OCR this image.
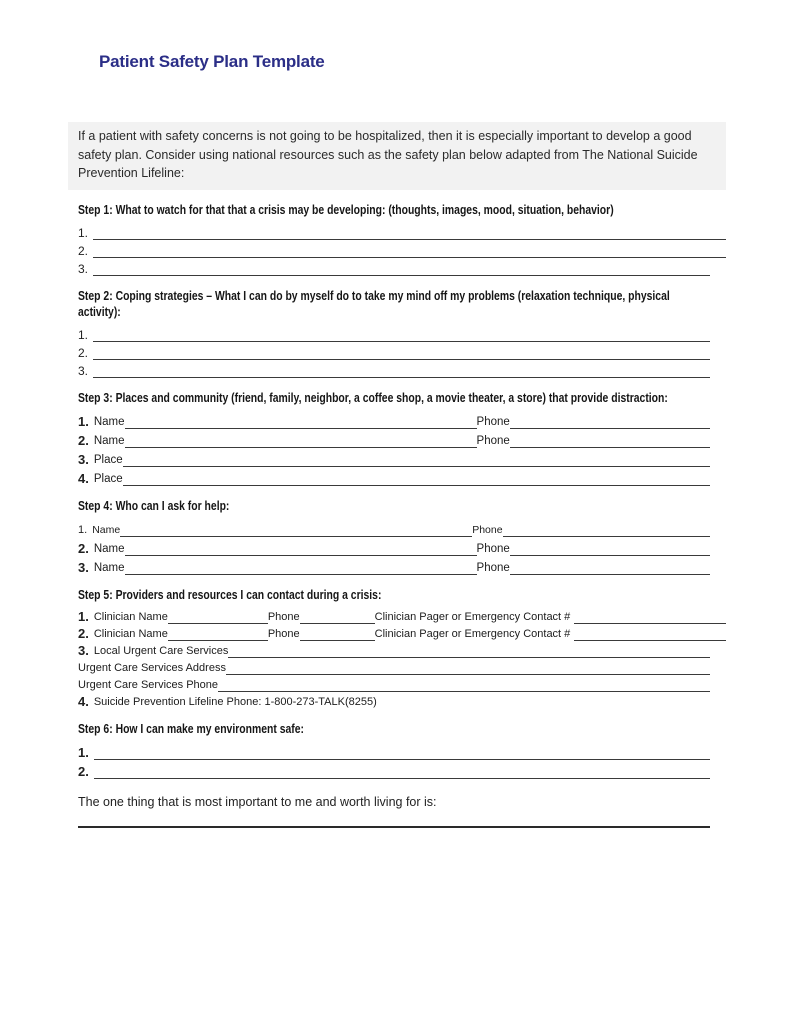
Patient Safety Plan Template
If a patient with safety concerns is not going to be hospitalized, then it is especially important to develop a good safety plan. Consider using national resources such as the safety plan below adapted from The National Suicide Prevention Lifeline:
Step 1: What to watch for that that a crisis may be developing: (thoughts, images, mood, situation, behavior)
1.
2.
3.
Step 2: Coping strategies – What I can do by myself do to take my mind off my problems (relaxation technique, physical activity):
1.
2.
3.
Step 3: Places and community (friend, family, neighbor, a coffee shop, a movie theater, a store) that provide distraction:
1. Name	Phone
2. Name	Phone
3. Place
4. Place
Step 4: Who can I ask for help:
1. Name	Phone
2. Name	Phone
3. Name	Phone
Step 5: Providers and resources I can contact during a crisis:
1. Clinician Name	Phone	Clinician Pager or Emergency Contact #
2. Clinician Name	Phone	Clinician Pager or Emergency Contact #
3. Local Urgent Care Services
Urgent Care Services Address
Urgent Care Services Phone
4. Suicide Prevention Lifeline Phone: 1-800-273-TALK(8255)
Step 6: How I can make my environment safe:
1.
2.

The one thing that is most important to me and worth living for is:
